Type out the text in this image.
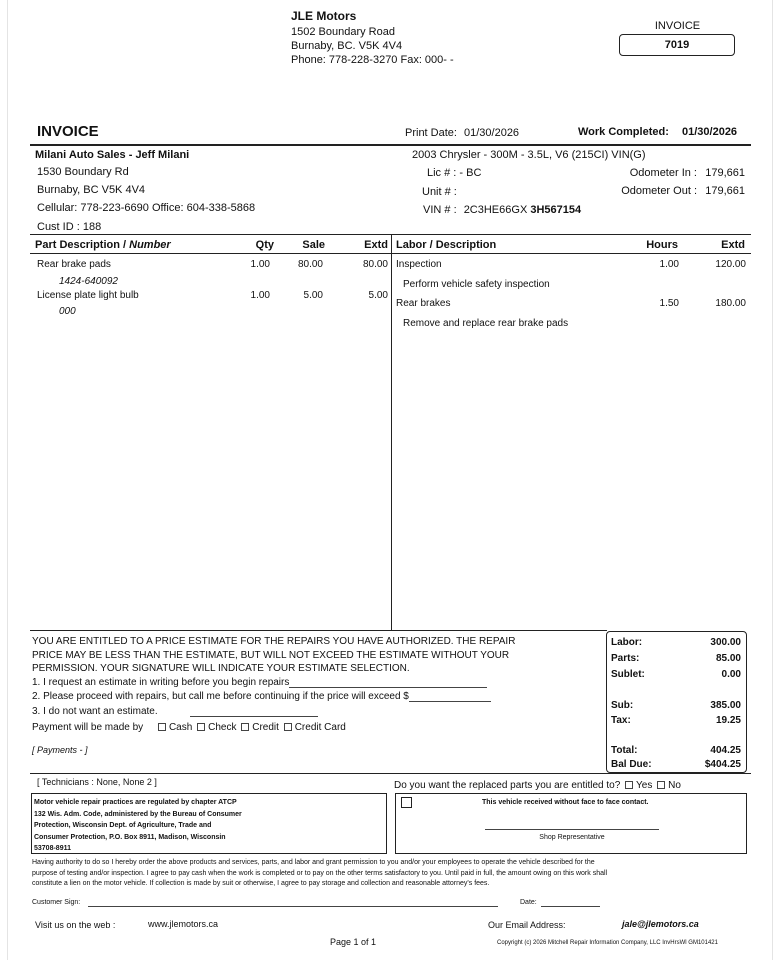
JLE Motors
1502 Boundary Road
Burnaby, BC. V5K 4V4
Phone: 778-228-3270 Fax: 000- -
INVOICE
7019
INVOICE	Print Date: 01/30/2026	Work Completed: 01/30/2026
Milani Auto Sales - Jeff Milani
1530 Boundary Rd
Burnaby, BC V5K 4V4
Cellular: 778-223-6690 Office: 604-338-5868
Cust ID : 188
2003 Chrysler - 300M - 3.5L, V6 (215CI) VIN(G)
Lic # : - BC
Unit # :
VIN # : 2C3HE66GX 3H567154
Odometer In : 179,661
Odometer Out : 179,661
Part Description / Number	Qty	Sale	Extd Labor / Description	Hours	Extd
Rear brake pads
1424-640092
1.00	80.00	80.00
License plate light bulb
000
1.00	5.00	5.00
Inspection
Perform vehicle safety inspection
1.00	120.00
Rear brakes
Remove and replace rear brake pads
1.50	180.00
YOU ARE ENTITLED TO A PRICE ESTIMATE FOR THE REPAIRS YOU HAVE AUTHORIZED. THE REPAIR
PRICE MAY BE LESS THAN THE ESTIMATE, BUT WILL NOT EXCEED THE ESTIMATE WITHOUT YOUR
PERMISSION. YOUR SIGNATURE WILL INDICATE YOUR ESTIMATE SELECTION.
1. I request an estimate in writing before you begin repairs
2. Please proceed with repairs, but call me before continuing if the price will exceed $
3. I do not want an estimate.
Payment will be made by	Cash Check Credit Credit Card
[ Payments - ]
Labor:	300.00
Parts:	85.00
Sublet:	0.00
Sub:	385.00
Tax:	19.25
Total:	404.25
Bal Due:	$404.25
[ Technicians : None, None 2 ]	Do you want the replaced parts you are entitled to? Yes No
Motor vehicle repair practices are regulated by chapter ATCP
132 Wis. Adm. Code, administered by the Bureau of Consumer
Protection, Wisconsin Dept. of Agriculture, Trade and
Consumer Protection, P.O. Box 8911, Madison, Wisconsin
53708-8911
This vehicle received without face to face contact.
Shop Representative
Having authority to do so I hereby order the above products and services, parts, and labor and grant permission to you and/or your employees to operate the vehicle described for the
purpose of testing and/or inspection. I agree to pay cash when the work is completed or to pay on the other terms satisfactory to you. Until paid in full, the amount owing on this work shall
constitute a lien on the motor vehicle. If collection is made by suit or otherwise, I agree to pay storage and collection and reasonable attorney's fees.
Customer Sign:	Date:
Visit us on the web :	www.jlemotors.ca	Our Email Address:	jale@jlemotors.ca
Page 1 of 1	Copyright (c) 2026 Mitchell Repair Information Company, LLC InvHrsWl GM101421
